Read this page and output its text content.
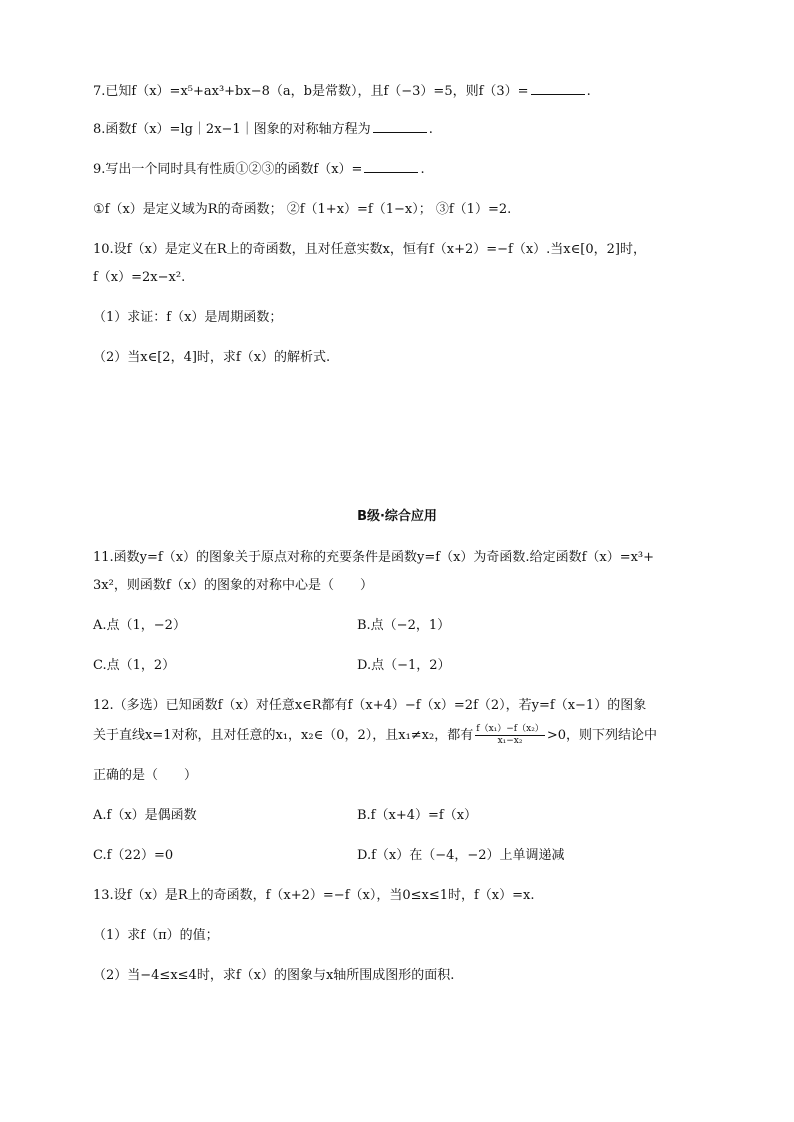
7.已知f（x）=x⁵+ax³+bx−8（a，b是常数），且f（−3）=5，则f（3）=	.
8.函数f（x）=lg｜2x−1｜图象的对称轴方程为	.
9.写出一个同时具有性质①②③的函数f（x）=	.
①f（x）是定义域为R的奇函数； ②f（1+x）=f（1−x）； ③f（1）=2.
10.设f（x）是定义在R上的奇函数，且对任意实数x，恒有f（x+2）=−f（x）.当x∈[0，2]时，
f（x）=2x−x².
（1）求证：f（x）是周期函数；
（2）当x∈[2，4]时，求f（x）的解析式.
B级·综合应用
11.函数y=f（x）的图象关于原点对称的充要条件是函数y=f（x）为奇函数.给定函数f（x）=x³+
3x²，则函数f（x）的图象的对称中心是（　　）
A.点（1，−2）	B.点（−2，1）
C.点（1，2）	D.点（−1，2）
12.（多选）已知函数f（x）对任意x∈R都有f（x+4）−f（x）=2f（2），若y=f（x−1）的图象
关于直线x=1对称，且对任意的x₁，x₂∈（0，2），且x₁≠x₂，都有 $\frac{\text{f（x₁）−f（x₂）}}{\text{x₁−x₂}} >0$，则下列结论中
正确的是（　　）
A.f（x）是偶函数	B.f（x+4）=f（x）
C.f（22）=0	D.f（x）在（−4，−2）上单调递减
13.设f（x）是R上的奇函数，f（x+2）=−f（x），当0≤x≤1时，f（x）=x.
（1）求f（π）的值；
（2）当−4≤x≤4时，求f（x）的图象与x轴所围成图形的面积.
